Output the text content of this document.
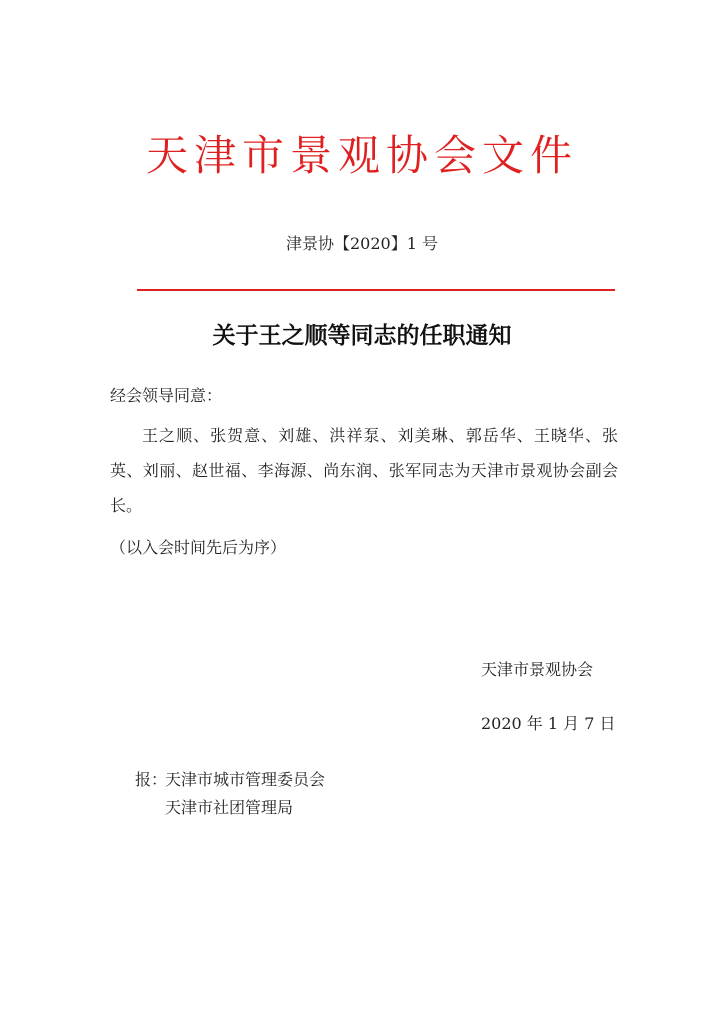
天津市景观协会文件
津景协【2020】1 号
关于王之顺等同志的任职通知
经会领导同意：

王之顺、张贺意、刘雄、洪祥泵、刘美琳、郭岳华、王晓华、张英、刘丽、赵世福、李海源、尚东润、张军同志为天津市景观协会副会长。

（以入会时间先后为序）
天津市景观协会
2020 年 1 月 7 日
报：天津市城市管理委员会
天津市社团管理局
